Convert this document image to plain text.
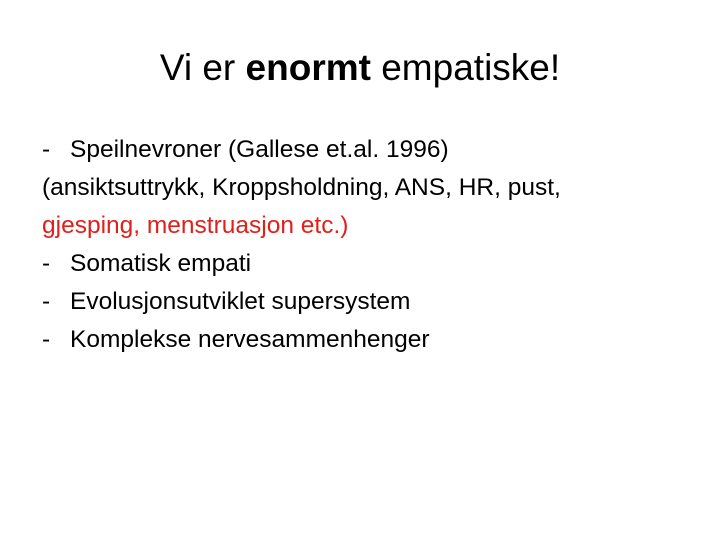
Vi er enormt empatiske!
- Speilnevroner (Gallese et.al. 1996)
(ansiktsuttrykk, Kroppsholdning, ANS, HR, pust,
gjesping, menstruasjon etc.)
- Somatisk empati
- Evolusjonsutviklet supersystem
- Komplekse nervesammenhenger
